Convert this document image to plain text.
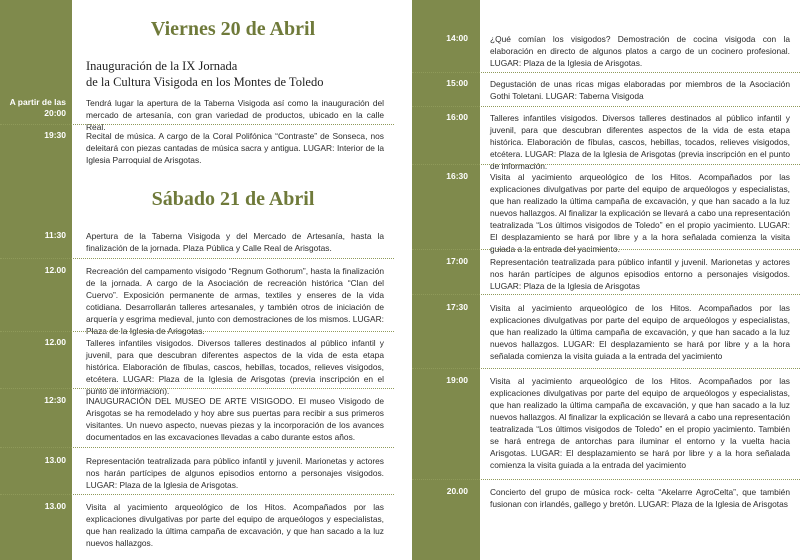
Viernes 20 de Abril

Inauguración de la IX Jornada

de la Cultura Visigoda en los Montes de Toledo

A partir de las 20:00

Tendrá lugar la apertura de la Taberna Visigoda así como la inauguración del mercado de artesanía, con gran variedad de productos, ubicado en la calle Real.

19:30 Recital de música. A cargo de la Coral Polifónica “Contraste” de Sonseca, nos deleitará con piezas cantadas de música sacra y antigua. LUGAR: Interior de la Iglesia Parroquial de Arisgotas.

Sábado 21 de Abril
11:30 Apertura de la Taberna Visigoda y del Mercado de Artesanía, hasta la finalización de la jornada. Plaza Pública y Calle Real de Arisgotas.

12.00 Recreación del campamento visigodo “Regnum Gothorum”, hasta la finalización de la jornada. A cargo de la Asociación de recreación histórica “Clan del Cuervo”. Exposición permanente de armas, textiles y enseres de la vida cotidiana. Desarrollarán talleres artesanales, y también otros de iniciación de arquería y esgrima medieval, junto con demostraciones de los mismos. LUGAR: Plaza de la Iglesia de Arisgotas.

12.00 Talleres infantiles visigodos. Diversos talleres destinados al público infantil y juvenil, para que descubran diferentes aspectos de la vida de esta etapa histórica. Elaboración de fíbulas, cascos, hebillas, tocados, relieves visigodos, etcétera. LUGAR: Plaza de la Iglesia de Arisgotas (previa inscripción en el punto de información).

12:30 INAUGURACIÓN DEL MUSEO DE ARTE VISIGODO. El museo Visigodo de Arisgotas se ha remodelado y hoy abre sus puertas para recibir a sus primeros visitantes. Un nuevo aspecto, nuevas piezas y la incorporación de los avances documentados en las excavaciones llevadas a cabo durante estos años.

13.00 Representación teatralizada para público infantil y juvenil. Marionetas y actores nos harán partícipes de algunos episodios entorno a personajes visigodos. LUGAR: Plaza de la Iglesia de Arisgotas.

13.00 Visita al yacimiento arqueológico de los Hitos. Acompañados por las explicaciones divulgativas por parte del equipo de arqueólogos y especialistas, que han realizado la última campaña de excavación, y que han sacado a la luz nuevos hallazgos.

14:00	¿Qué comían los visigodos? Demostración de cocina visigoda con la elaboración en directo de algunos platos a cargo de un cocinero profesional. LUGAR: Plaza de la Iglesia de Arisgotas.

15:00	Degustación de unas ricas migas elaboradas por miembros de la Asociación Gothi Toletani. LUGAR: Taberna Visigoda

16:00	Talleres infantiles visigodos. Diversos talleres destinados al público infantil y juvenil, para que descubran diferentes aspectos de la vida de esta etapa histórica. Elaboración de fíbulas, cascos, hebillas, tocados, relieves visigodos, etcétera. LUGAR: Plaza de la Iglesia de Arisgotas (previa inscripción en el punto de información.

16:30	Visita al yacimiento arqueológico de los Hitos. Acompañados por las explicaciones divulgativas por parte del equipo de arqueólogos y especialistas, que han realizado la última campaña de excavación, y que han sacado a la luz nuevos hallazgos. Al finalizar la explicación se llevará a cabo una representación teatralizada “Los últimos visigodos de Toledo” en el propio yacimiento. LUGAR: El desplazamiento se hará por libre y a la hora señalada comienza la visita guiada a la entrada del yacimiento.

17:00	Representación teatralizada para público infantil y juvenil. Marionetas y actores nos harán partícipes de algunos episodios entorno a personajes visigodos. LUGAR: Plaza de la Iglesia de Arisgotas

17:30	Visita al yacimiento arqueológico de los Hitos. Acompañados por las explicaciones divulgativas por parte del equipo de arqueólogos y especialistas, que han realizado la última campaña de excavación, y que han sacado a la luz nuevos hallazgos. LUGAR: El desplazamiento se hará por libre y a la hora señalada comienza la visita guiada a la entrada del yacimiento

19:00	Visita al yacimiento arqueológico de los Hitos. Acompañados por las explicaciones divulgativas por parte del equipo de arqueólogos y especialistas, que han realizado la última campaña de excavación, y que han sacado a la luz nuevos hallazgos. Al finalizar la explicación se llevará a cabo una representación teatralizada “Los últimos visigodos de Toledo” en el propio yacimiento. También se hará entrega de antorchas para iluminar el entorno y la vuelta hacia Arisgotas. LUGAR: El desplazamiento se hará por libre y a la hora señalada comienza la visita guiada a la entrada del yacimiento

20.00	Concierto del grupo de música rock- celta “Akelarre AgroCelta”, que también fusionan con irlandés, gallego y bretón. LUGAR: Plaza de la Iglesia de Arisgotas
